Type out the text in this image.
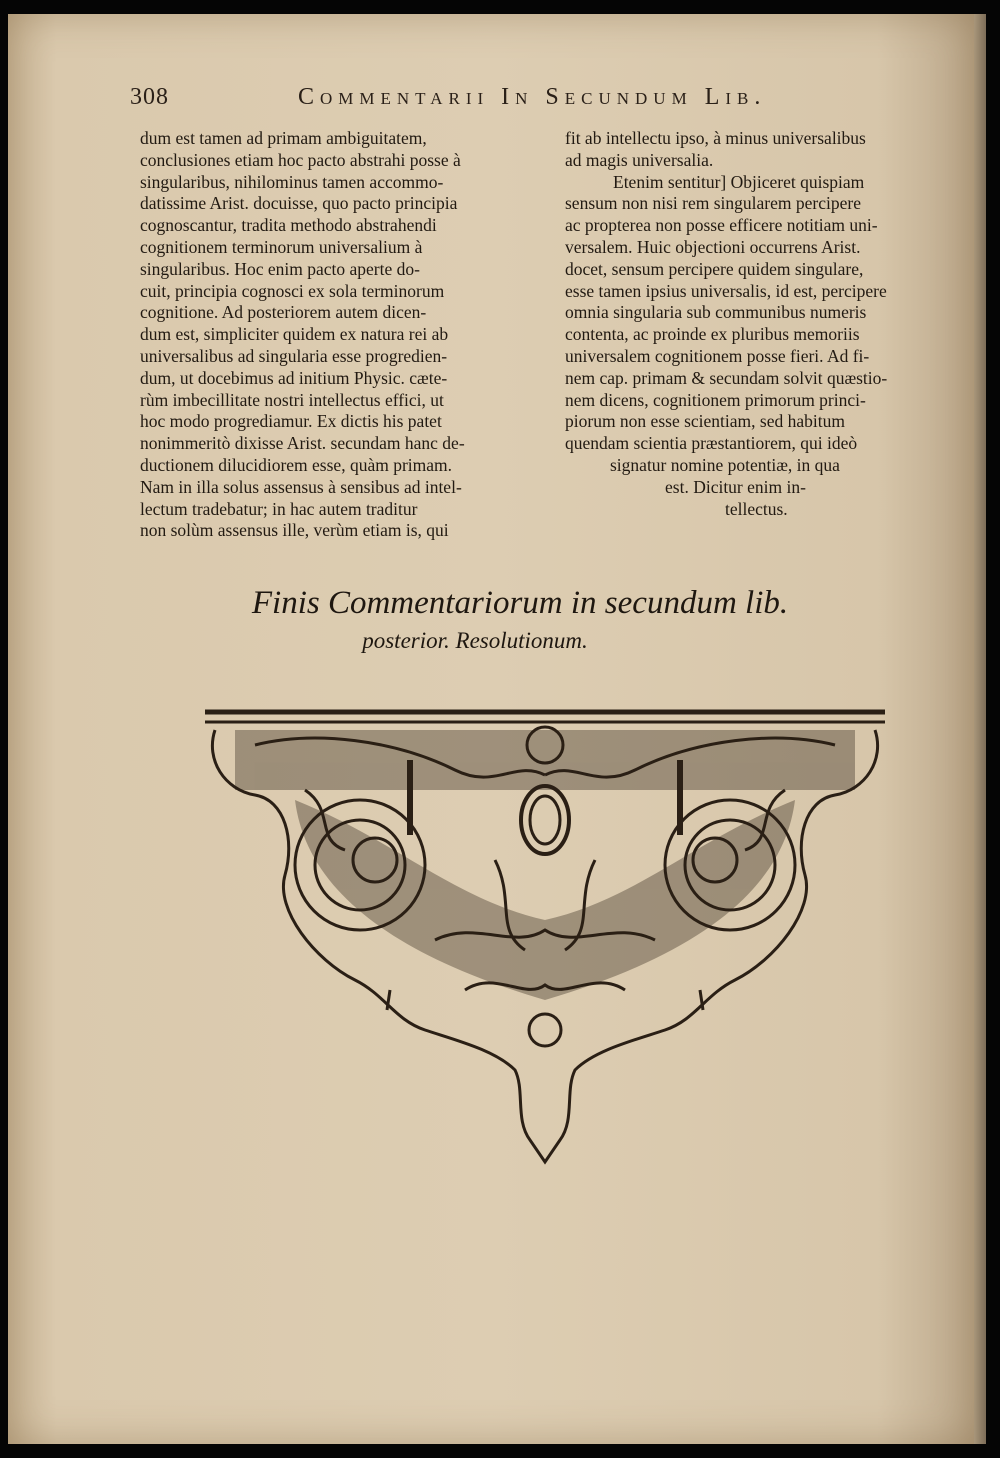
308	Commentarii In Secundum Lib.
dum est tamen ad primam ambiguitatem,
conclusiones etiam hoc pacto abstrahi posse à
singularibus, nihilominus tamen accommo-
datissime Arist. docuisse, quo pacto principia
cognoscantur, tradita methodo abstrahendi
cognitionem terminorum universalium à
singularibus. Hoc enim pacto aperte do-
cuit, principia cognosci ex sola terminorum
cognitione. Ad posteriorem autem dicen-
dum est, simpliciter quidem ex natura rei ab
universalibus ad singularia esse progredien-
dum, ut docebimus ad initium Physic. cæte-
rùm imbecillitate nostri intellectus effici, ut
hoc modo progrediamur. Ex dictis his patet
nonimmeritò dixisse Arist. secundam hanc de-
ductionem dilucidiorem esse, quàm primam.
Nam in illa solus assensus à sensibus ad intel-
lectum tradebatur; in hac autem traditur
non solùm assensus ille, verùm etiam is, qui
fit ab intellectu ipso, à minus universalibus
ad magis universalia.
Etenim sentitur] Objiceret quispiam
sensum non nisi rem singularem percipere
ac propterea non posse efficere notitiam uni-
versalem. Huic objectioni occurrens Arist.
docet, sensum percipere quidem singulare,
esse tamen ipsius universalis, id est, percipere
omnia singularia sub communibus numeris
contenta, ac proinde ex pluribus memoriis
universalem cognitionem posse fieri. Ad fi-
nem cap. primam & secundam solvit quæstio-
nem dicens, cognitionem primorum princi-
piorum non esse scientiam, sed habitum
quendam scientia præstantiorem, qui ideò
signatur nomine potentiæ, in qua
est. Dicitur enim in-
tellectus.
Finis Commentariorum in secundum lib.
posterior. Resolutionum.
